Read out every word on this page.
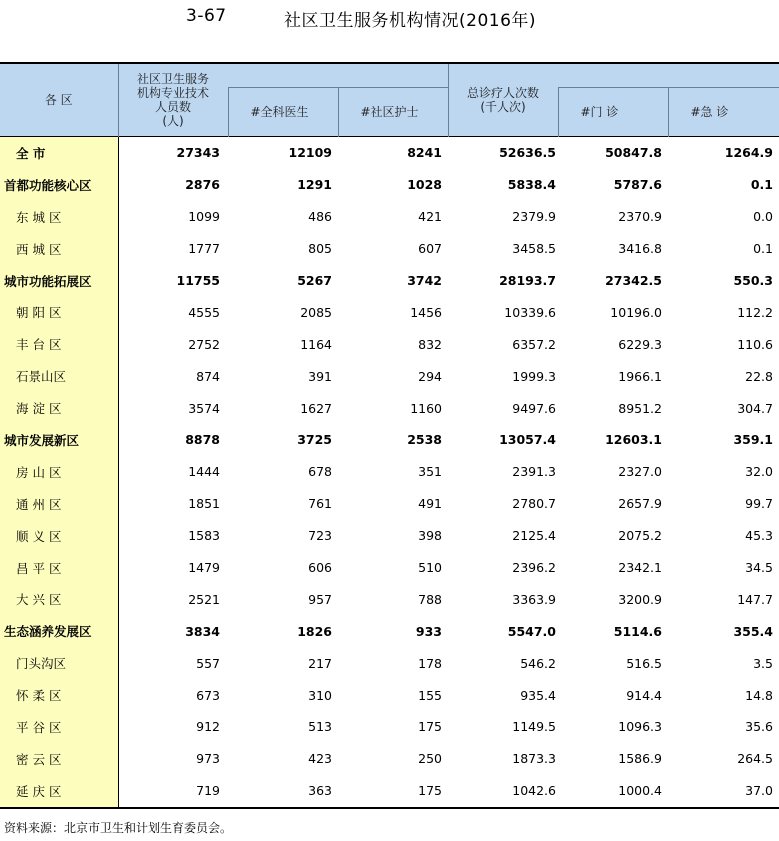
3-67	社区卫生服务机构情况(2016年)
各 区	社区卫生服务
机构专业技术
人员数
(人)			总诊疗人次数
(千人次)		

		#全科医生	#社区护士		#门 诊	#急 诊
全 市	27343	12109	8241	52636.5	50847.8	1264.9
首都功能核心区	2876	1291	1028	5838.4	5787.6	0.1
东 城 区	1099	486	421	2379.9	2370.9	0.0
西 城 区	1777	805	607	3458.5	3416.8	0.1
城市功能拓展区	11755	5267	3742	28193.7	27342.5	550.3
朝 阳 区	4555	2085	1456	10339.6	10196.0	112.2
丰 台 区	2752	1164	832	6357.2	6229.3	110.6
石景山区	874	391	294	1999.3	1966.1	22.8
海 淀 区	3574	1627	1160	9497.6	8951.2	304.7
城市发展新区	8878	3725	2538	13057.4	12603.1	359.1
房 山 区	1444	678	351	2391.3	2327.0	32.0
通 州 区	1851	761	491	2780.7	2657.9	99.7
顺 义 区	1583	723	398	2125.4	2075.2	45.3
昌 平 区	1479	606	510	2396.2	2342.1	34.5
大 兴 区	2521	957	788	3363.9	3200.9	147.7
生态涵养发展区	3834	1826	933	5547.0	5114.6	355.4
门头沟区	557	217	178	546.2	516.5	3.5
怀 柔 区	673	310	155	935.4	914.4	14.8
平 谷 区	912	513	175	1149.5	1096.3	35.6
密 云 区	973	423	250	1873.3	1586.9	264.5
延 庆 区	719	363	175	1042.6	1000.4	37.0
资料来源：北京市卫生和计划生育委员会。
